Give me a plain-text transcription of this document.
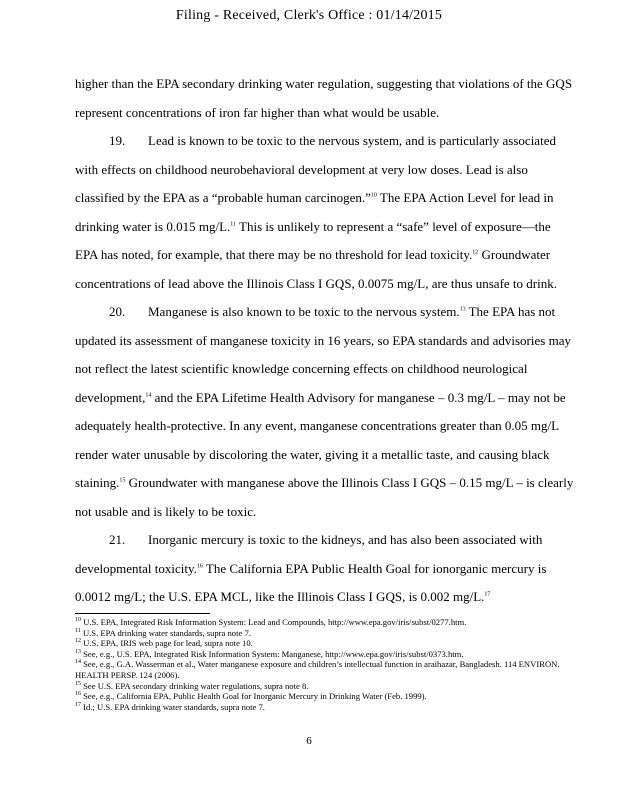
Filing - Received, Clerk's Office : 01/14/2015

higher than the EPA secondary drinking water regulation, suggesting that violations of the GQS represent concentrations of iron far higher than what would be usable.

19. Lead is known to be toxic to the nervous system, and is particularly associated with effects on childhood neurobehavioral development at very low doses. Lead is also classified by the EPA as a “probable human carcinogen.”$^{10}$ The EPA Action Level for lead in drinking water is 0.015 mg/L.$^{11}$ This is unlikely to represent a “safe” level of exposure—the EPA has noted, for example, that there may be no threshold for lead toxicity.$^{12}$ Groundwater concentrations of lead above the Illinois Class I GQS, 0.0075 mg/L, are thus unsafe to drink.

20. Manganese is also known to be toxic to the nervous system.$^{13}$ The EPA has not updated its assessment of manganese toxicity in 16 years, so EPA standards and advisories may not reflect the latest scientific knowledge concerning effects on childhood neurological development,$^{14}$ and the EPA Lifetime Health Advisory for manganese – 0.3 mg/L – may not be adequately health-protective. In any event, manganese concentrations greater than 0.05 mg/L render water unusable by discoloring the water, giving it a metallic taste, and causing black staining.$^{15}$ Groundwater with manganese above the Illinois Class I GQS – 0.15 mg/L – is clearly not usable and is likely to be toxic.

21. Inorganic mercury is toxic to the kidneys, and has also been associated with developmental toxicity.$^{16}$ The California EPA Public Health Goal for ionorganic mercury is 0.0012 mg/L; the U.S. EPA MCL, like the Illinois Class I GQS, is 0.002 mg/L.$^{17}$

$^{10}$ U.S. EPA, Integrated Risk Information System: Lead and Compounds, http://www.epa.gov/iris/subst/0277.htm.
$^{11}$ U.S. EPA drinking water standards, supra note 7.
$^{12}$ U.S. EPA, IRIS web page for lead, supra note 10.
$^{13}$ See, e.g., U.S. EPA, Integrated Risk Information System: Manganese, http://www.epa.gov/iris/subst/0373.htm.
$^{14}$ See, e.g., G.A. Wasserman et al., Water manganese exposure and children’s intellectual function in araihazar, Bangladesh. 114 ENVIRON. HEALTH PERSP. 124 (2006).
$^{15}$ See U.S. EPA secondary drinking water regulations, supra note 8.
$^{16}$ See, e.g., California EPA, Public Health Goal for Inorganic Mercury in Drinking Water (Feb. 1999).
$^{17}$ Id.; U.S. EPA drinking water standards, supra note 7.
6
